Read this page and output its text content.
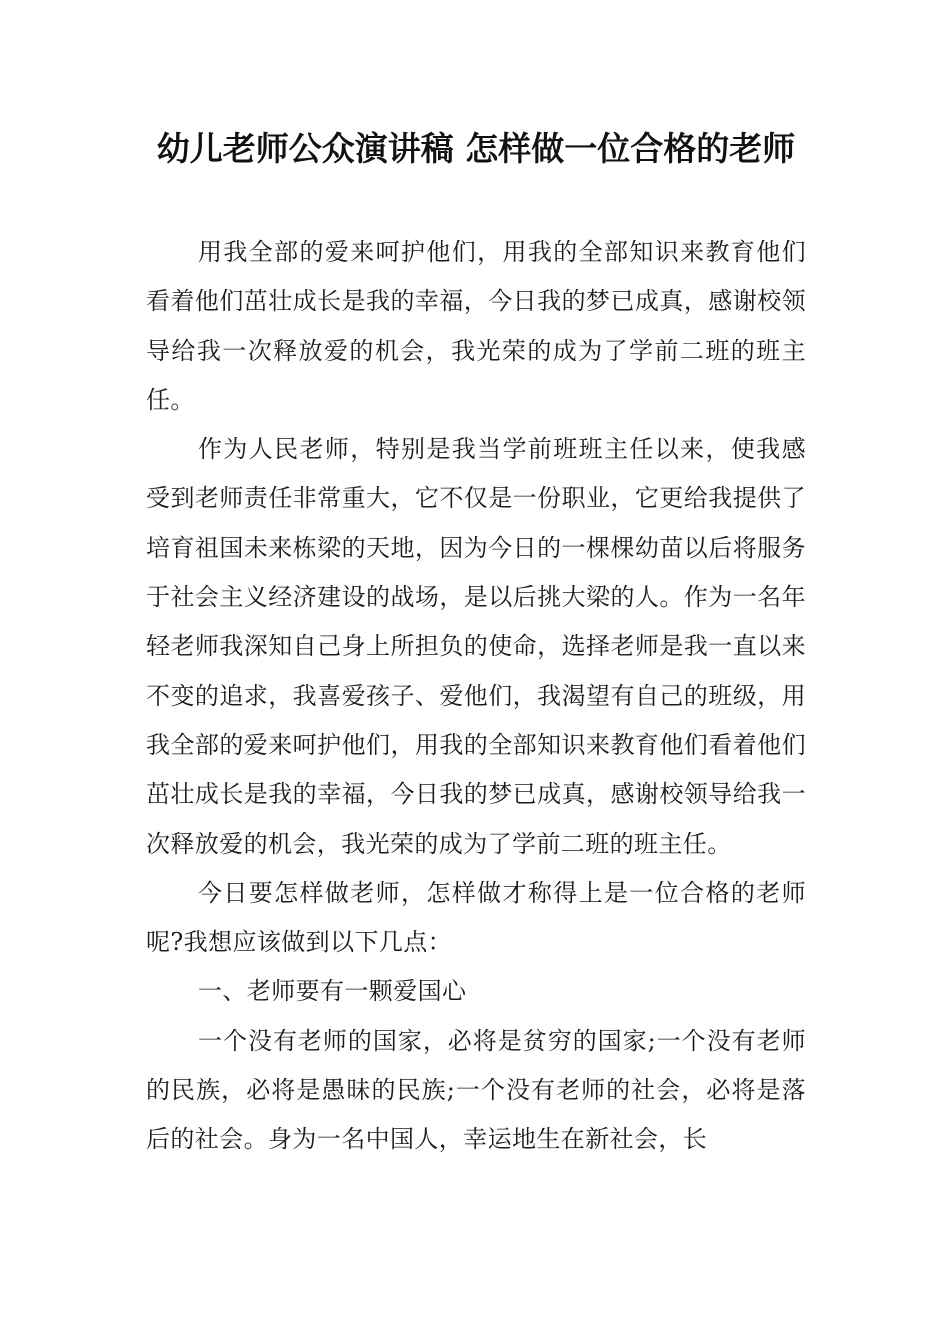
幼儿老师公众演讲稿 怎样做一位合格的老师

用我全部的爱来呵护他们，用我的全部知识来教育他们看着他们茁壮成长是我的幸福，今日我的梦已成真，感谢校领导给我一次释放爱的机会，我光荣的成为了学前二班的班主任。

作为人民老师，特别是我当学前班班主任以来，使我感受到老师责任非常重大，它不仅是一份职业，它更给我提供了培育祖国未来栋梁的天地，因为今日的一棵棵幼苗以后将服务于社会主义经济建设的战场，是以后挑大梁的人。作为一名年轻老师我深知自己身上所担负的使命，选择老师是我一直以来不变的追求，我喜爱孩子、爱他们，我渴望有自己的班级，用我全部的爱来呵护他们，用我的全部知识来教育他们看着他们茁壮成长是我的幸福，今日我的梦已成真，感谢校领导给我一次释放爱的机会，我光荣的成为了学前二班的班主任。

今日要怎样做老师，怎样做才称得上是一位合格的老师呢?我想应该做到以下几点：

一、老师要有一颗爱国心

一个没有老师的国家，必将是贫穷的国家;一个没有老师的民族，必将是愚昧的民族;一个没有老师的社会，必将是落后的社会。身为一名中国人，幸运地生在新社会，长
